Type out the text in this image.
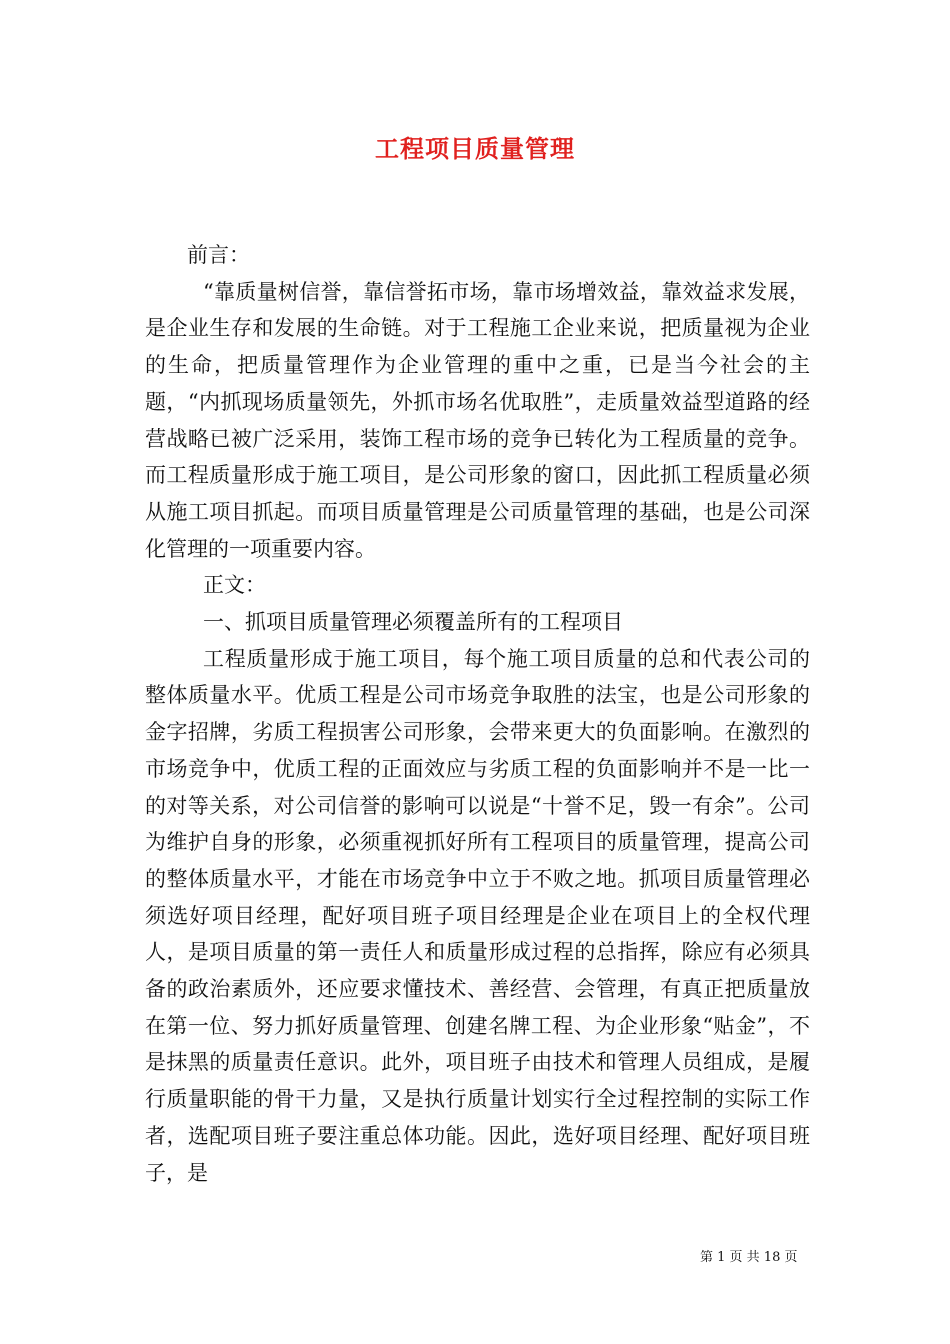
工程项目质量管理

前言：

“靠质量树信誉，靠信誉拓市场，靠市场增效益，靠效益求发展，是企业生存和发展的生命链。对于工程施工企业来说，把质量视为企业的生命，把质量管理作为企业管理的重中之重，已是当今社会的主题，“内抓现场质量领先，外抓市场名优取胜”，走质量效益型道路的经营战略已被广泛采用，装饰工程市场的竞争已转化为工程质量的竞争。而工程质量形成于施工项目，是公司形象的窗口，因此抓工程质量必须从施工项目抓起。而项目质量管理是公司质量管理的基础，也是公司深化管理的一项重要内容。

正文：

一、抓项目质量管理必须覆盖所有的工程项目

工程质量形成于施工项目，每个施工项目质量的总和代表公司的整体质量水平。优质工程是公司市场竞争取胜的法宝，也是公司形象的金字招牌，劣质工程损害公司形象，会带来更大的负面影响。在激烈的市场竞争中，优质工程的正面效应与劣质工程的负面影响并不是一比一的对等关系，对公司信誉的影响可以说是“十誉不足，毁一有余”。公司为维护自身的形象，必须重视抓好所有工程项目的质量管理，提高公司的整体质量水平，才能在市场竞争中立于不败之地。抓项目质量管理必须选好项目经理，配好项目班子项目经理是企业在项目上的全权代理人，是项目质量的第一责任人和质量形成过程的总指挥，除应有必须具备的政治素质外，还应要求懂技术、善经营、会管理，有真正把质量放在第一位、努力抓好质量管理、创建名牌工程、为企业形象“贴金”，不是抹黑的质量责任意识。此外，项目班子由技术和管理人员组成，是履行质量职能的骨干力量，又是执行质量计划实行全过程控制的实际工作者，选配项目班子要注重总体功能。因此，选好项目经理、配好项目班子，是

第 1 页 共 18 页
